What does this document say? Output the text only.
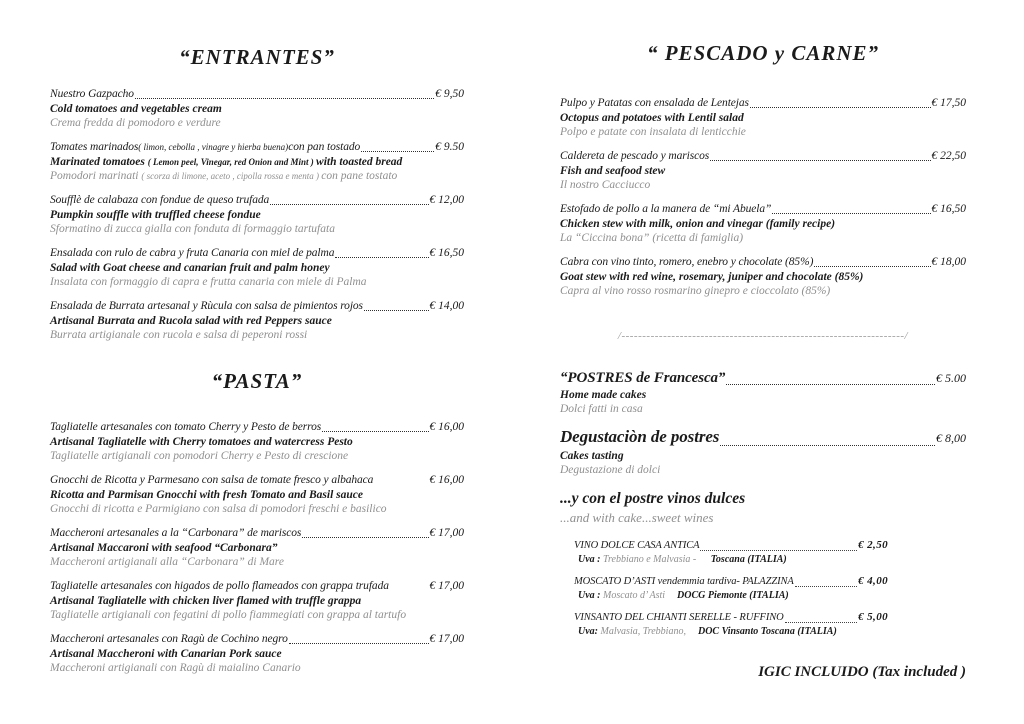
“ENTRANTES”
Nuestro Gazpacho	€ 9,50
Cold tomatoes and vegetables cream
Crema fredda di pomodoro e verdure
Tomates marinados ( limon, cebolla , vinagre y hierba buena) con pan tostado	€ 9.50
Marinated tomatoes ( Lemon peel, Vinegar, red Onion and Mint ) with toasted bread
Pomodori marinati ( scorza di limone, aceto , cipolla rossa e menta ) con pane tostato
Soufflè de calabaza con fondue de queso trufada	€ 12,00
Pumpkin souffle with truffled cheese fondue
Sformatino di zucca gialla con fonduta di formaggio tartufata
Ensalada con rulo de cabra y fruta Canaria con miel de palma	€ 16,50
Salad with Goat cheese and canarian fruit and palm honey
Insalata con formaggio di capra e frutta canaria con miele di Palma
Ensalada de Burrata artesanal y Rùcula con salsa de pimientos rojos	€ 14,00
Artisanal Burrata and Rucola salad with red Peppers sauce
Burrata artigianale con rucola e salsa di peperoni rossi
“PASTA”
Tagliatelle artesanales con tomato Cherry y Pesto de berros	€ 16,00
Artisanal Tagliatelle with Cherry tomatoes and watercress Pesto
Tagliatelle artigianali con pomodori Cherry e Pesto di crescione
Gnocchi de Ricotta y Parmesano con salsa de tomate fresco y albahaca	€ 16,00
Ricotta and Parmisan Gnocchi with fresh Tomato and Basil sauce
Gnocchi di ricotta e Parmigiano con salsa di pomodori freschi e basilico
Maccheroni artesanales a la “Carbonara” de mariscos	€ 17,00
Artisanal Maccaroni with seafood “Carbonara”
Maccheroni artigianali alla “Carbonara” di Mare
Tagliatelle artesanales con higados de pollo flameados con grappa trufada	€ 17,00
Artisanal Tagliatelle with chicken liver flamed with truffle grappa
Tagliatelle artigianali con fegatini di pollo fiammegiati con grappa al tartufo
Maccheroni artesanales con Ragù de Cochino negro	€ 17,00
Artisanal Maccheroni with Canarian Pork sauce
Maccheroni artigianali con Ragù di maialino Canario
“ PESCADO y CARNE”
Pulpo y Patatas con ensalada de Lentejas	€ 17,50
Octopus and potatoes with Lentil salad
Polpo e patate con insalata di lenticchie
Caldereta de pescado y mariscos	€ 22,50
Fish and seafood stew
Il nostro Cacciucco
Estofado de pollo a la manera de “mi Abuela”	€ 16,50
Chicken stew with milk, onion and vinegar (family recipe)
La “Ciccina bona” (ricetta di famiglia)
Cabra con vino tinto, romero, enebro y chocolate (85%)	€ 18,00
Goat stew with red wine, rosemary, juniper and chocolate (85%)
Capra al vino rosso rosmarino ginepro e cioccolato (85%)
/--------------------------------------------------------------------/
“POSTRES de Francesca”	€ 5.00
Home made cakes
Dolci fatti in casa
Degustaciòn de postres	€ 8,00
Cakes tasting
Degustazione di dolci
...y con el postre vinos dulces
...and with cake...sweet wines
VINO DOLCE CASA ANTICA	€ 2,50
Uva : Trebbiano e Malvasia - Toscana (ITALIA)
MOSCATO D’ASTI vendemmia tardiva- PALAZZINA	€ 4,00
Uva : Moscato d’ Asti DOCG Piemonte (ITALIA)
VINSANTO DEL CHIANTI SERELLE - RUFFINO	€ 5,00
Uva: Malvasia, Trebbiano, DOC Vinsanto Toscana (ITALIA)
IGIC INCLUIDO (Tax included )
